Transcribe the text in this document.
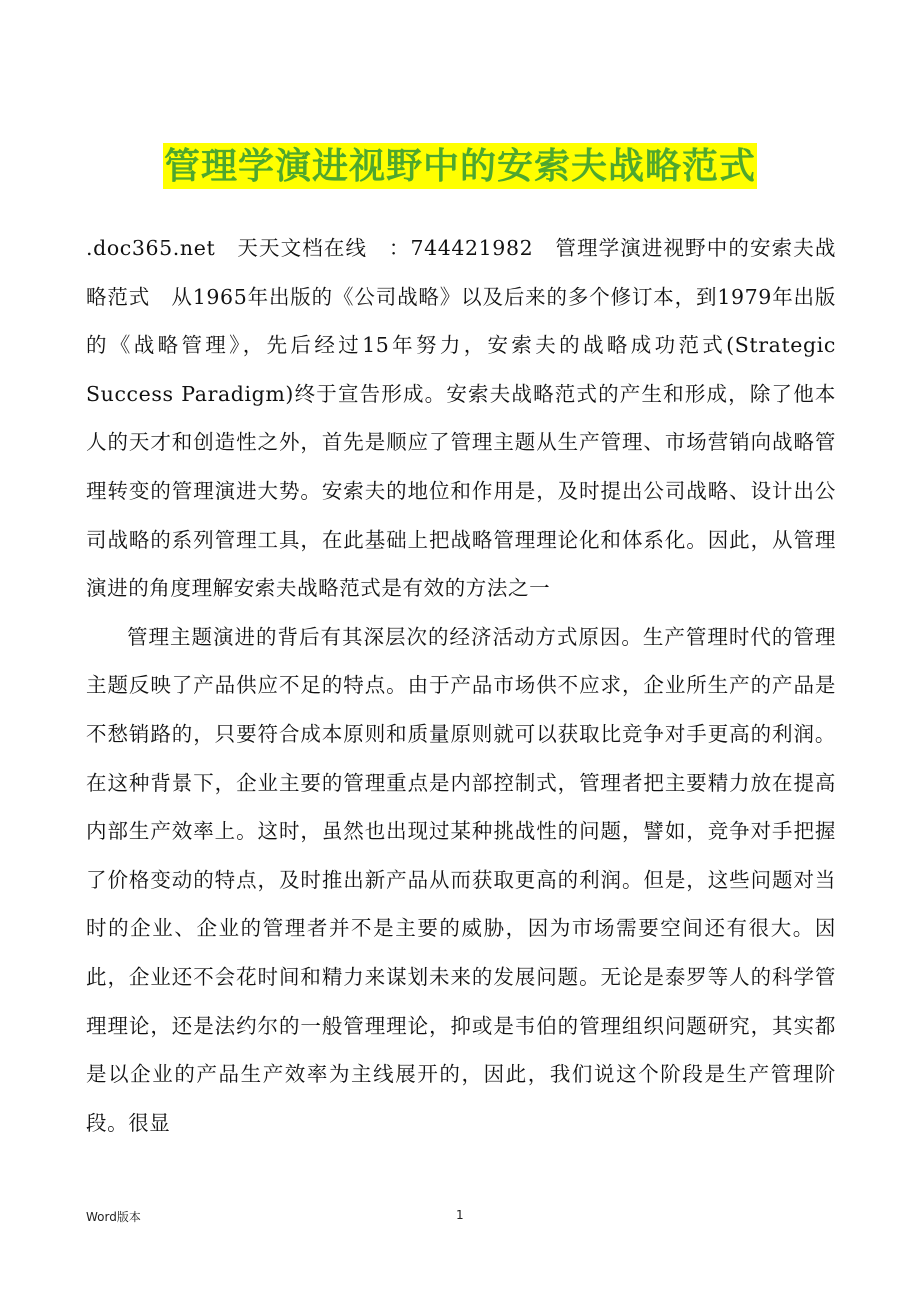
管理学演进视野中的安索夫战略范式

.doc365.net　天天文档在线　：744421982　管理学演进视野中的安索夫战略范式　从1965年出版的《公司战略》以及后来的多个修订本，到1979年出版的《战略管理》，先后经过15年努力，安索夫的战略成功范式(Strategic Success Paradigm)终于宣告形成。安索夫战略范式的产生和形成，除了他本人的天才和创造性之外，首先是顺应了管理主题从生产管理、市场营销向战略管理转变的管理演进大势。安索夫的地位和作用是，及时提出公司战略、设计出公司战略的系列管理工具，在此基础上把战略管理理论化和体系化。因此，从管理演进的角度理解安索夫战略范式是有效的方法之一

管理主题演进的背后有其深层次的经济活动方式原因。生产管理时代的管理主题反映了产品供应不足的特点。由于产品市场供不应求，企业所生产的产品是不愁销路的，只要符合成本原则和质量原则就可以获取比竞争对手更高的利润。在这种背景下，企业主要的管理重点是内部控制式，管理者把主要精力放在提高内部生产效率上。这时，虽然也出现过某种挑战性的问题，譬如，竞争对手把握了价格变动的特点，及时推出新产品从而获取更高的利润。但是，这些问题对当时的企业、企业的管理者并不是主要的威胁，因为市场需要空间还有很大。因此，企业还不会花时间和精力来谋划未来的发展问题。无论是泰罗等人的科学管理理论，还是法约尔的一般管理理论，抑或是韦伯的管理组织问题研究，其实都是以企业的产品生产效率为主线展开的，因此，我们说这个阶段是生产管理阶段。很显

Word版本	1
